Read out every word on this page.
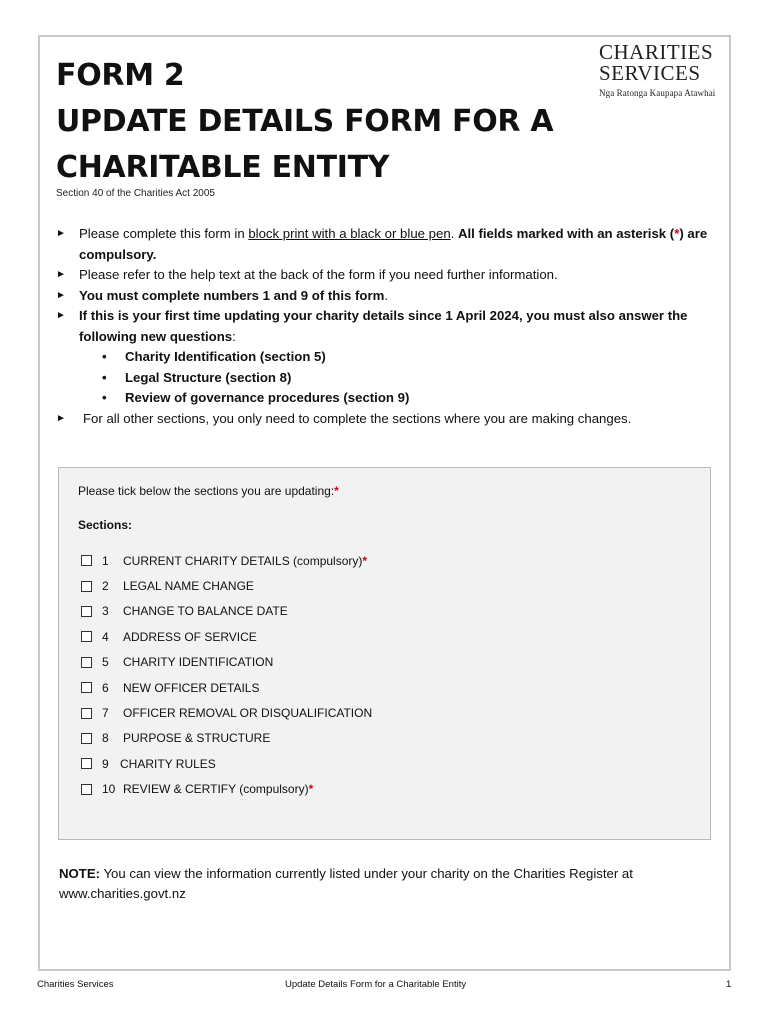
FORM 2
UPDATE DETAILS FORM FOR A
CHARITABLE ENTITY
CHARITIES
SERVICES
Nga Ratonga Kaupapa Atawhai
Section 40 of the Charities Act 2005
► Please complete this form in block print with a black or blue pen. All fields marked with an asterisk (*) are compulsory.
► Please refer to the help text at the back of the form if you need further information.
► You must complete numbers 1 and 9 of this form.
► If this is your first time updating your charity details since 1 April 2024, you must also answer the following new questions:
• Charity Identification (section 5)
• Legal Structure (section 8)
• Review of governance procedures (section 9)
► For all other sections, you only need to complete the sections where you are making changes.
Please tick below the sections you are updating:*
Sections:
1	CURRENT CHARITY DETAILS (compulsory) *
2	LEGAL NAME CHANGE
3	CHANGE TO BALANCE DATE
4	ADDRESS OF SERVICE
5	CHARITY IDENTIFICATION
6	NEW OFFICER DETAILS
7	OFFICER REMOVAL OR DISQUALIFICATION
8	PURPOSE & STRUCTURE
9 CHARITY RULES
10 REVIEW & CERTIFY (compulsory) *
NOTE: You can view the information currently listed under your charity on the Charities Register at www.charities.govt.nz
Charities Services	Update Details Form for a Charitable Entity	1
